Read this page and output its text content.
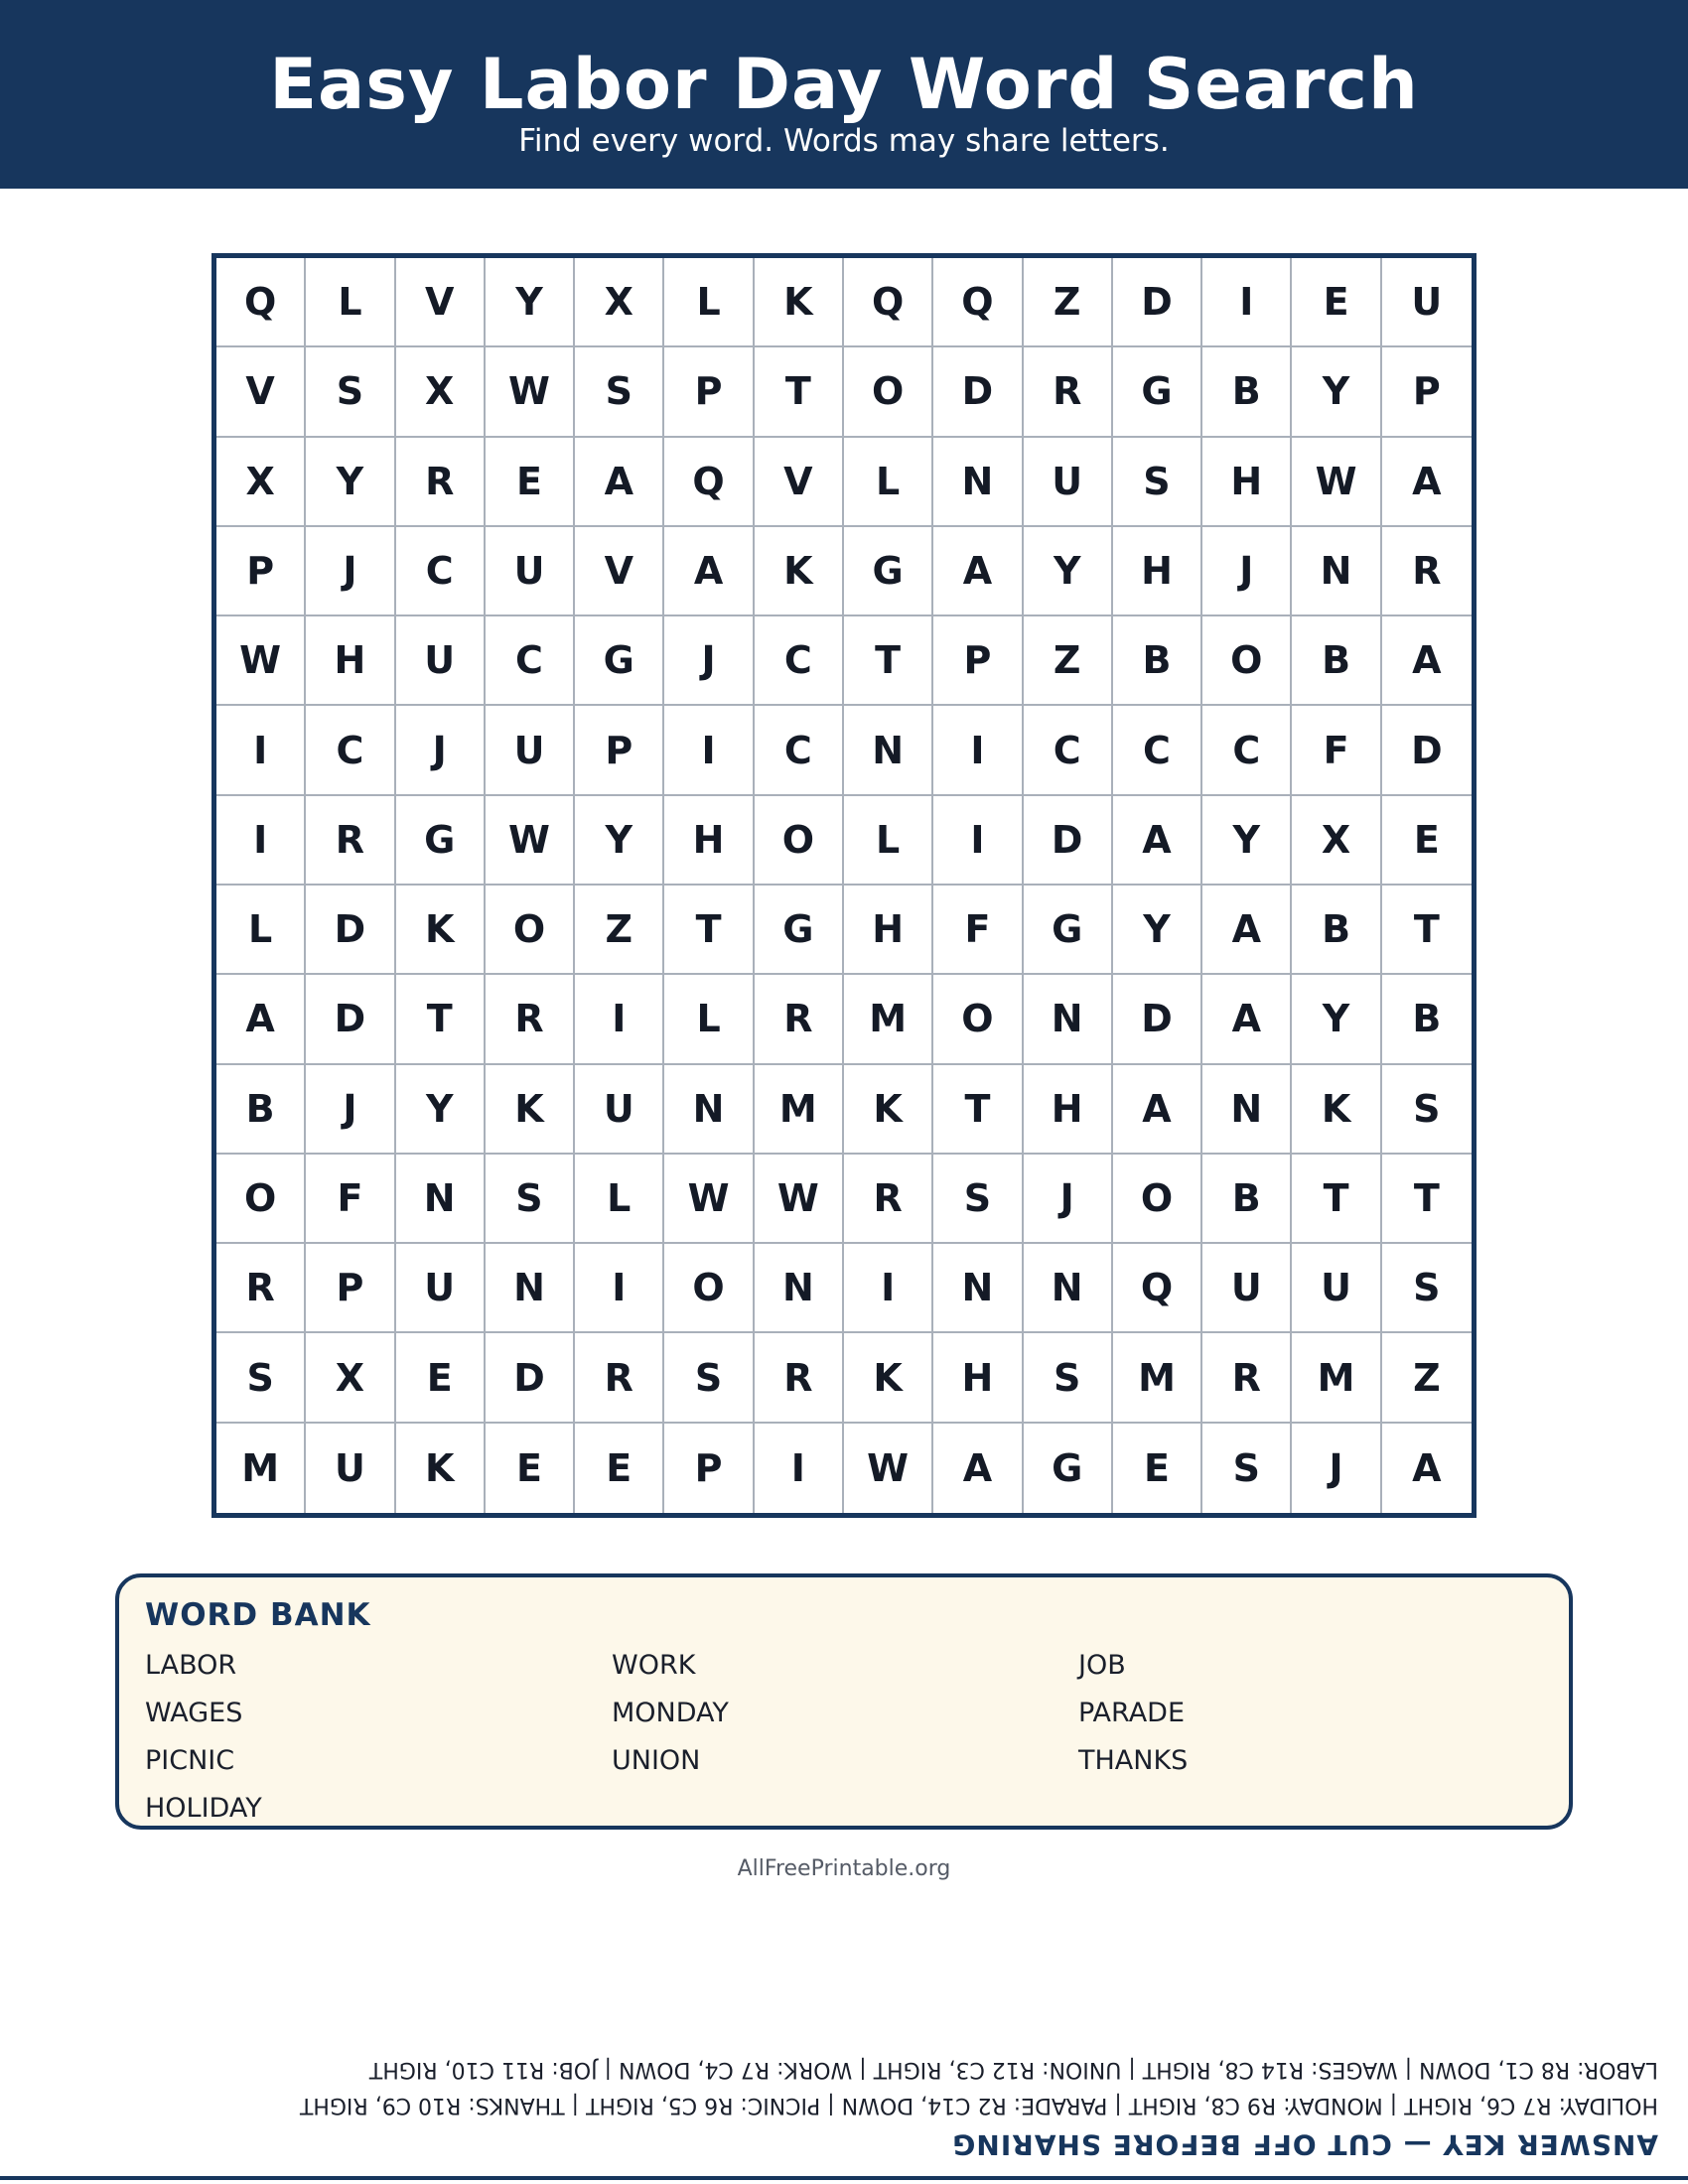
Easy Labor Day Word Search
Find every word. Words may share letters.
Q	L	V	Y	X	L	K	Q	Q	Z	D	I	E	U
V	S	X	W	S	P	T	O	D	R	G	B	Y	P
X	Y	R	E	A	Q	V	L	N	U	S	H	W	A
P	J	C	U	V	A	K	G	A	Y	H	J	N	R
W	H	U	C	G	J	C	T	P	Z	B	O	B	A
I	C	J	U	P	I	C	N	I	C	C	C	F	D
I	R	G	W	Y	H	O	L	I	D	A	Y	X	E
L	D	K	O	Z	T	G	H	F	G	Y	A	B	T
A	D	T	R	I	L	R	M	O	N	D	A	Y	B
B	J	Y	K	U	N	M	K	T	H	A	N	K	S
O	F	N	S	L	W	W	R	S	J	O	B	T	T
R	P	U	N	I	O	N	I	N	N	Q	U	U	S
S	X	E	D	R	S	R	K	H	S	M	R	M	Z
M	U	K	E	E	P	I	W	A	G	E	S	J	A
WORD BANK
LABOR	WORK	JOB
WAGES	MONDAY	PARADE
PICNIC	UNION	THANKS
HOLIDAY
AllFreePrintable.org
ANSWER KEY — CUT OFF BEFORE SHARING
HOLIDAY: R7 C6, RIGHT | MONDAY: R9 C8, RIGHT | PARADE: R2 C14, DOWN | PICNIC: R6 C5, RIGHT | THANKS: R10 C9, RIGHT
LABOR: R8 C1, DOWN | WAGES: R14 C8, RIGHT | UNION: R12 C3, RIGHT | WORK: R7 C4, DOWN | JOB: R11 C10, RIGHT
